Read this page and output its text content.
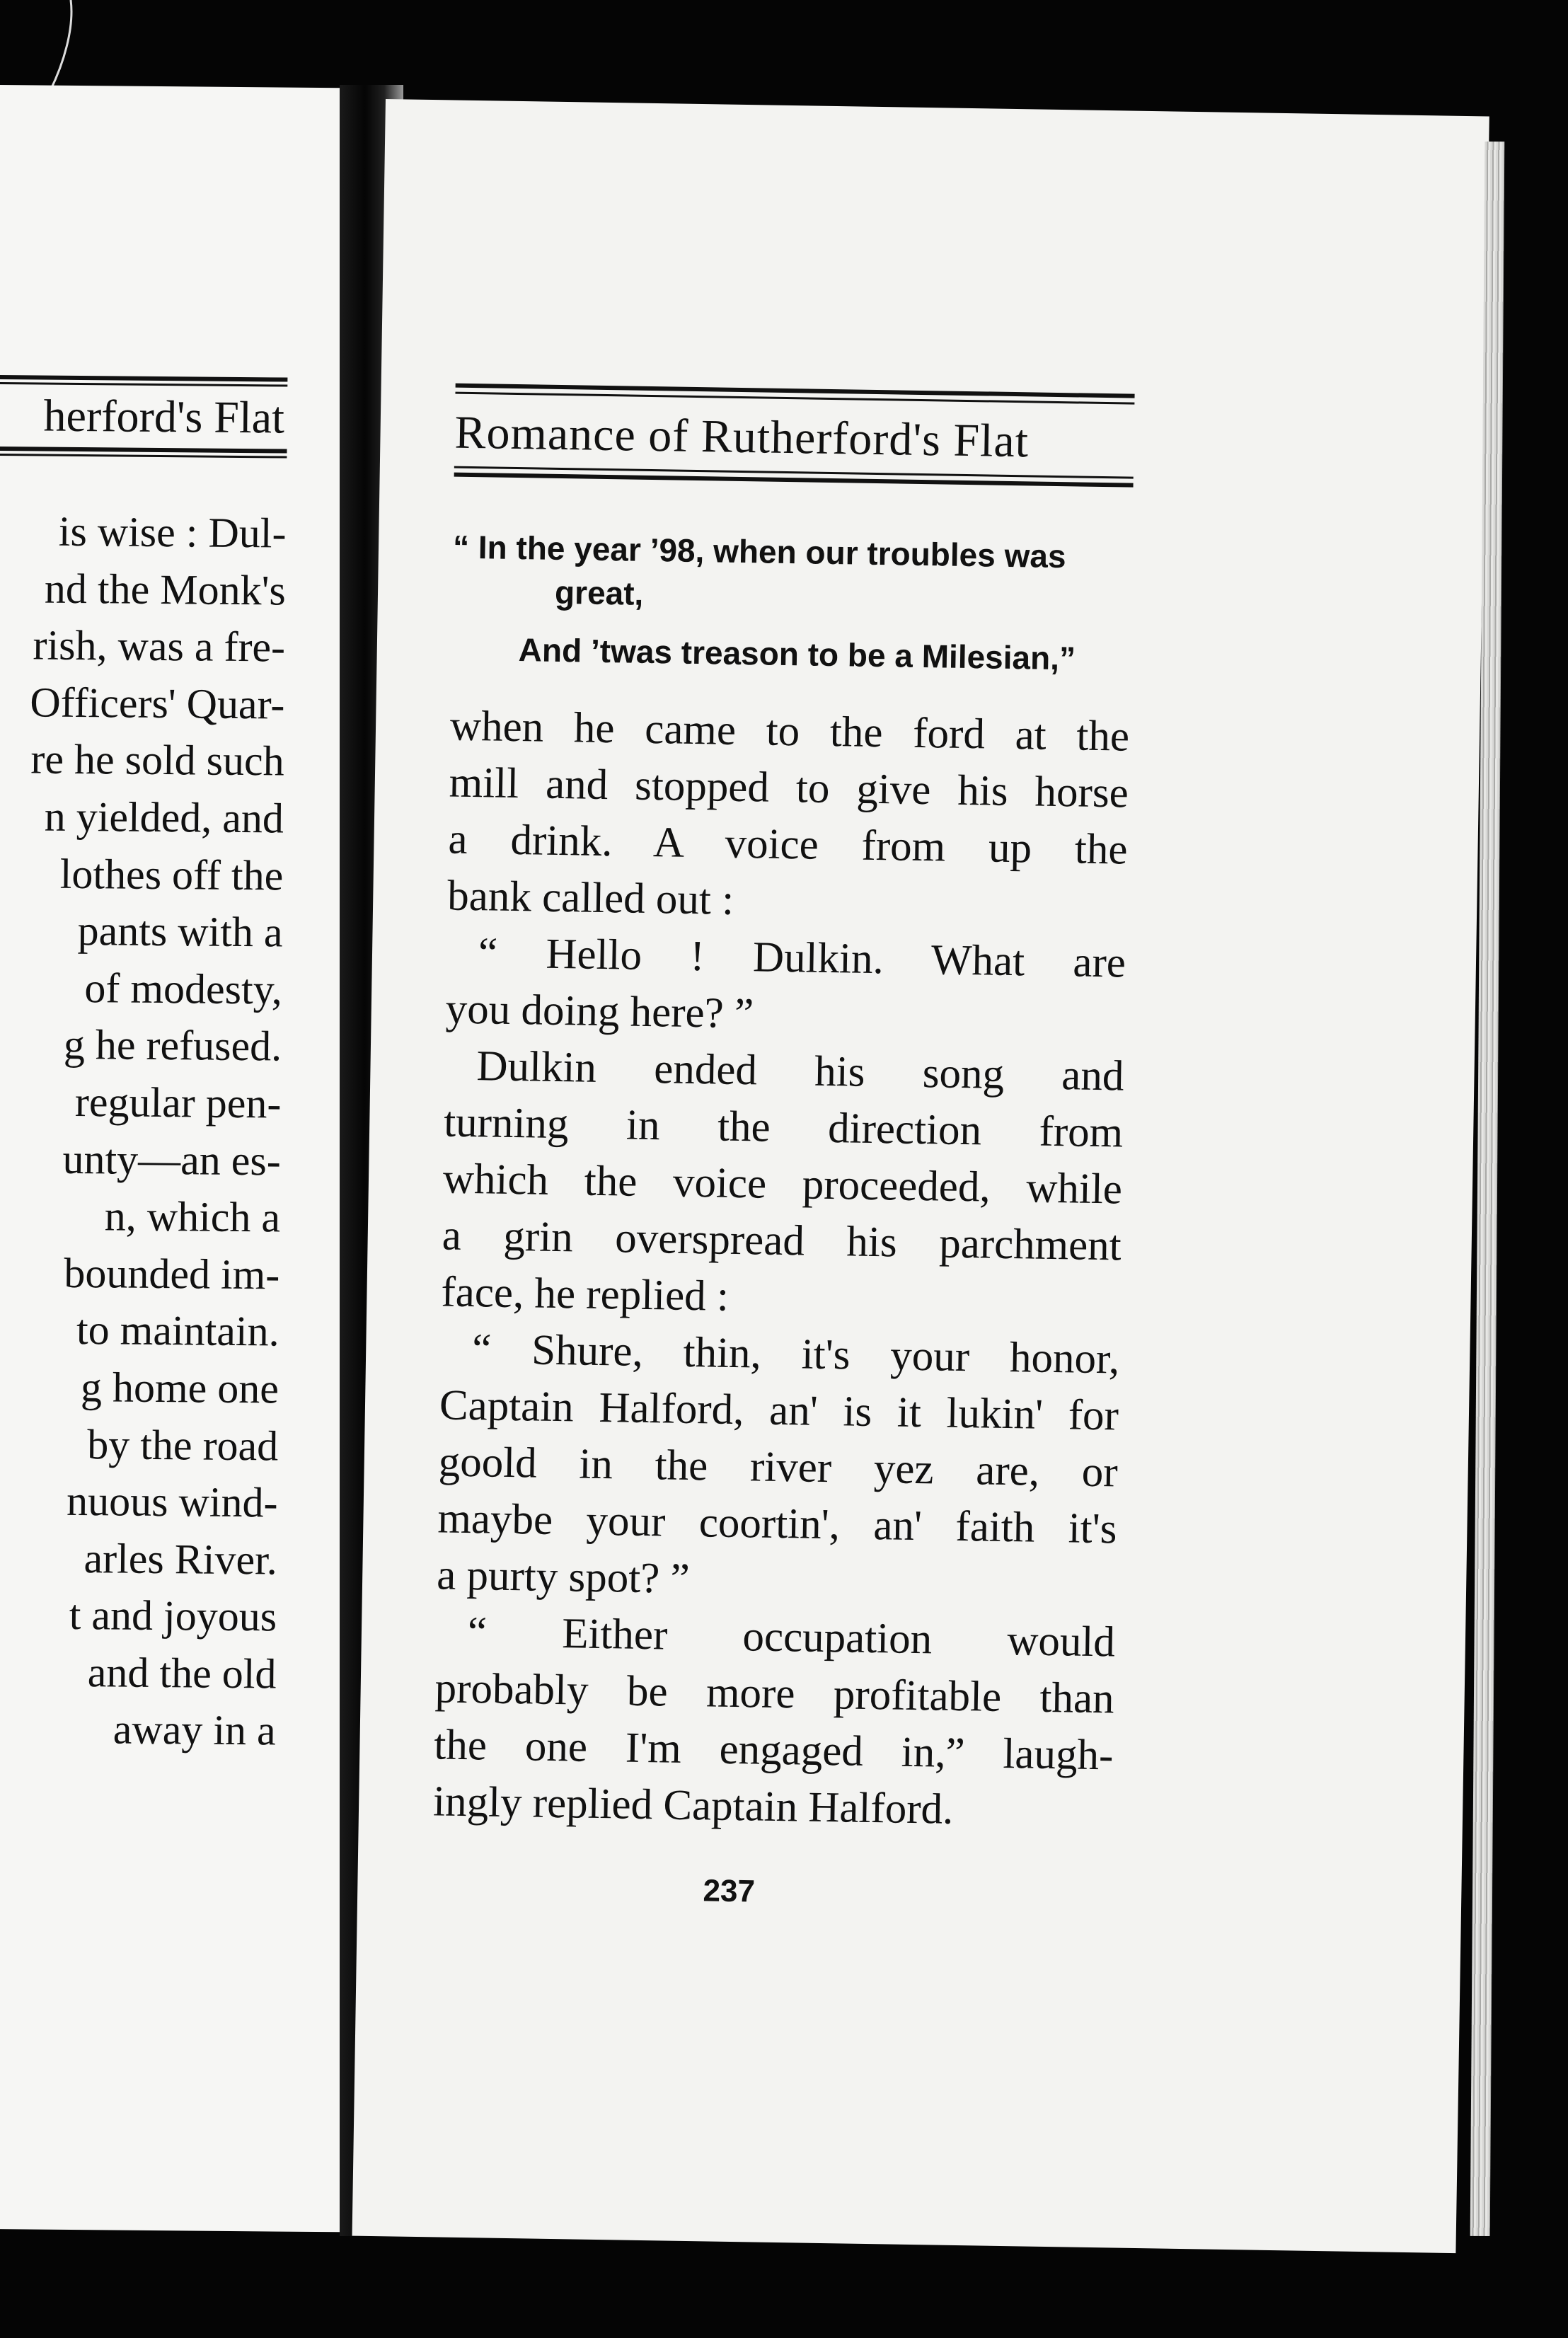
herford's Flat
is wise : Dul-
nd the Monk's
rish, was a fre-
Officers' Quar-
re he sold such
n yielded, and
lothes off the
pants with a
of modesty,
g he refused.
regular pen-
unty—an es-
n, which a
bounded im-
to maintain.
g home one
by the road
nuous wind-
arles River.
t and joyous
and the old
away in a
Romance of Rutherford's Flat
“ In the year ’98, when our troubles was
great,
And ’twas treason to be a Milesian,”
when he came to the ford at the
mill and stopped to give his horse
a drink. A voice from up the
bank called out :
“ Hello ! Dulkin. What are
you doing here? ”
Dulkin ended his song and
turning in the direction from
which the voice proceeded, while
a grin overspread his parchment
face, he replied :
“ Shure, thin, it's your honor,
Captain Halford, an' is it lukin' for
goold in the river yez are, or
maybe your coortin', an' faith it's
a purty spot? ”
“ Either occupation would
probably be more profitable than
the one I'm engaged in,” laugh-
ingly replied Captain Halford.
237
